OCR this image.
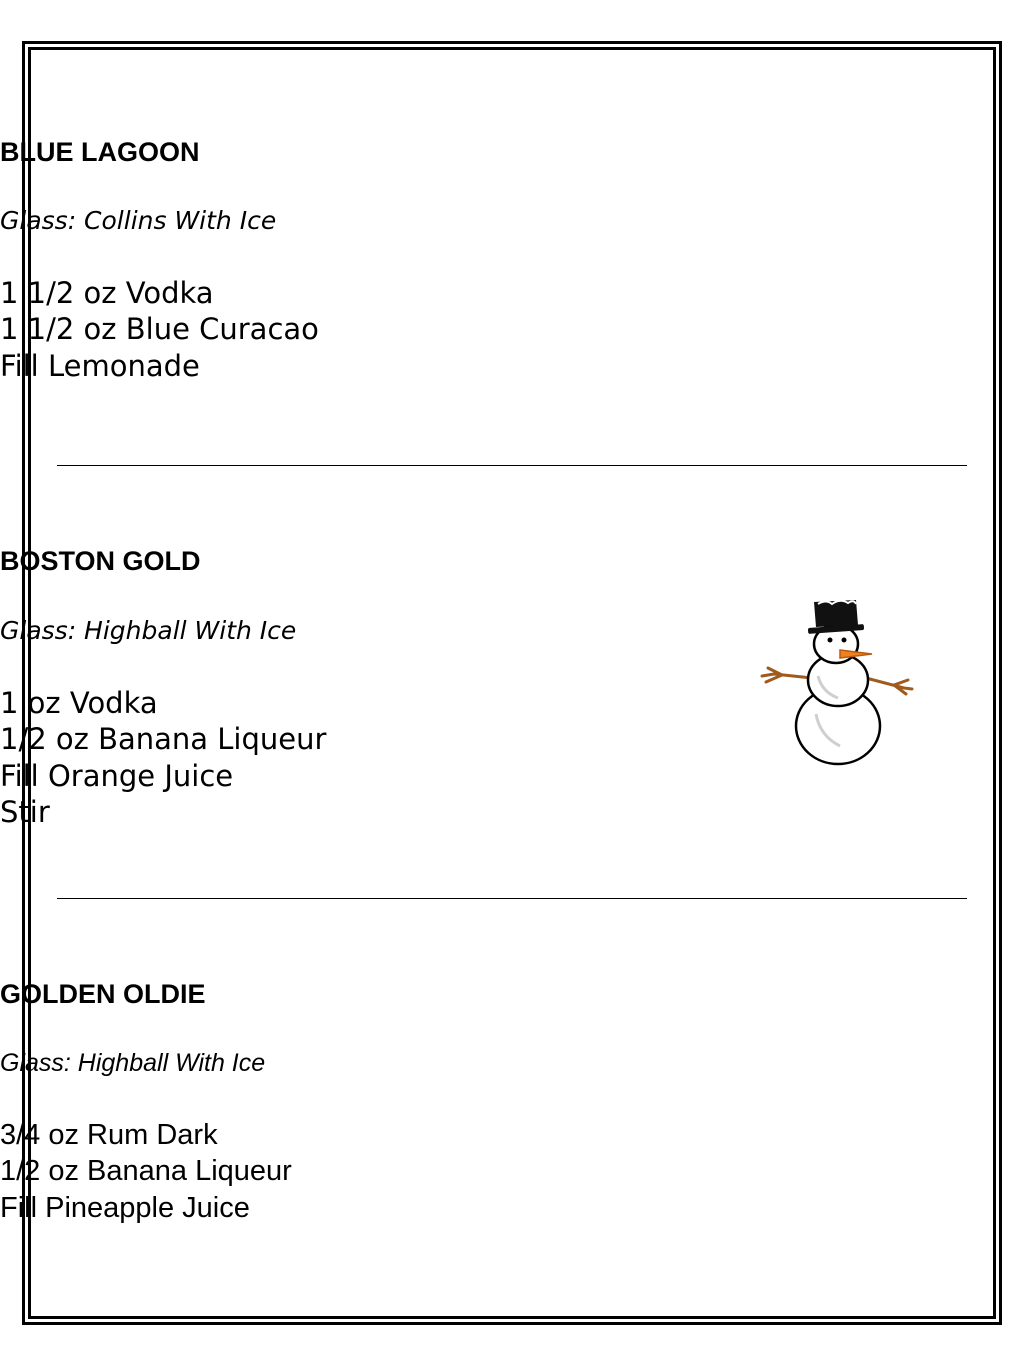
BLUE LAGOON
Glass: Collins With Ice
1 1/2 oz Vodka
1 1/2 oz Blue Curacao
Fill Lemonade
BOSTON GOLD
Glass: Highball With Ice
1 oz Vodka
1/2 oz Banana Liqueur
Fill Orange Juice
Stir
GOLDEN OLDIE
Glass: Highball With Ice
3/4 oz Rum Dark
1/2 oz Banana Liqueur
Fill Pineapple Juice
